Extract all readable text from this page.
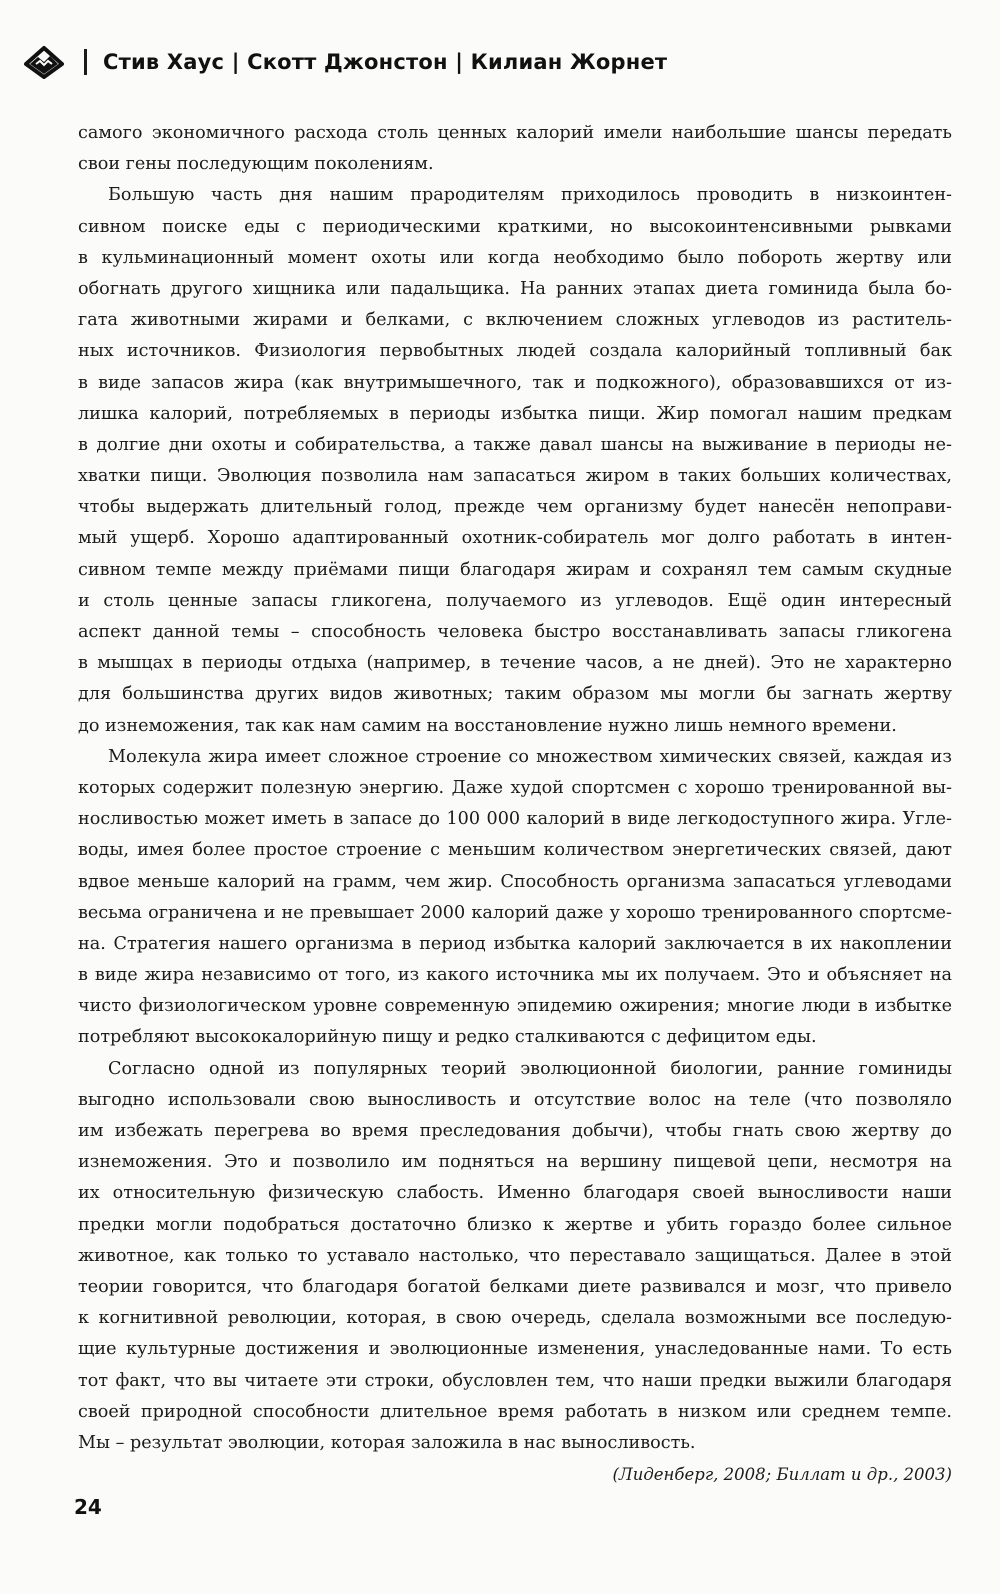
Стив Хаус | Скотт Джонстон | Килиан Жорнет
самого экономичного расхода столь ценных калорий имели наибольшие шансы передать
свои гены последующим поколениям.
Большую часть дня нашим прародителям приходилось проводить в низкоинтен-
сивном поиске еды с периодическими краткими, но высокоинтенсивными рывками
в кульминационный момент охоты или когда необходимо было побороть жертву или
обогнать другого хищника или падальщика. На ранних этапах диета гоминида была бо-
гата животными жирами и белками, с включением сложных углеводов из раститель-
ных источников. Физиология первобытных людей создала калорийный топливный бак
в виде запасов жира (как внутримышечного, так и подкожного), образовавшихся от из-
лишка калорий, потребляемых в периоды избытка пищи. Жир помогал нашим предкам
в долгие дни охоты и собирательства, а также давал шансы на выживание в периоды не-
хватки пищи. Эволюция позволила нам запасаться жиром в таких больших количествах,
чтобы выдержать длительный голод, прежде чем организму будет нанесён непоправи-
мый ущерб. Хорошо адаптированный охотник-собиратель мог долго работать в интен-
сивном темпе между приёмами пищи благодаря жирам и сохранял тем самым скудные
и столь ценные запасы гликогена, получаемого из углеводов. Ещё один интересный
аспект данной темы – способность человека быстро восстанавливать запасы гликогена
в мышцах в периоды отдыха (например, в течение часов, а не дней). Это не характерно
для большинства других видов животных; таким образом мы могли бы загнать жертву
до изнеможения, так как нам самим на восстановление нужно лишь немного времени.
Молекула жира имеет сложное строение со множеством химических связей, каждая из
которых содержит полезную энергию. Даже худой спортсмен с хорошо тренированной вы-
носливостью может иметь в запасе до 100 000 калорий в виде легкодоступного жира. Угле-
воды, имея более простое строение с меньшим количеством энергетических связей, дают
вдвое меньше калорий на грамм, чем жир. Способность организма запасаться углеводами
весьма ограничена и не превышает 2000 калорий даже у хорошо тренированного спортсме-
на. Стратегия нашего организма в период избытка калорий заключается в их накоплении
в виде жира независимо от того, из какого источника мы их получаем. Это и объясняет на
чисто физиологическом уровне современную эпидемию ожирения; многие люди в избытке
потребляют высококалорийную пищу и редко сталкиваются с дефицитом еды.
Согласно одной из популярных теорий эволюционной биологии, ранние гоминиды
выгодно использовали свою выносливость и отсутствие волос на теле (что позволяло
им избежать перегрева во время преследования добычи), чтобы гнать свою жертву до
изнеможения. Это и позволило им подняться на вершину пищевой цепи, несмотря на
их относительную физическую слабость. Именно благодаря своей выносливости наши
предки могли подобраться достаточно близко к жертве и убить гораздо более сильное
животное, как только то уставало настолько, что переставало защищаться. Далее в этой
теории говорится, что благодаря богатой белками диете развивался и мозг, что привело
к когнитивной революции, которая, в свою очередь, сделала возможными все последую-
щие культурные достижения и эволюционные изменения, унаследованные нами. То есть
тот факт, что вы читаете эти строки, обусловлен тем, что наши предки выжили благодаря
своей природной способности длительное время работать в низком или среднем темпе.
Мы – результат эволюции, которая заложила в нас выносливость.
(Лиденберг, 2008; Биллат и др., 2003)
24
